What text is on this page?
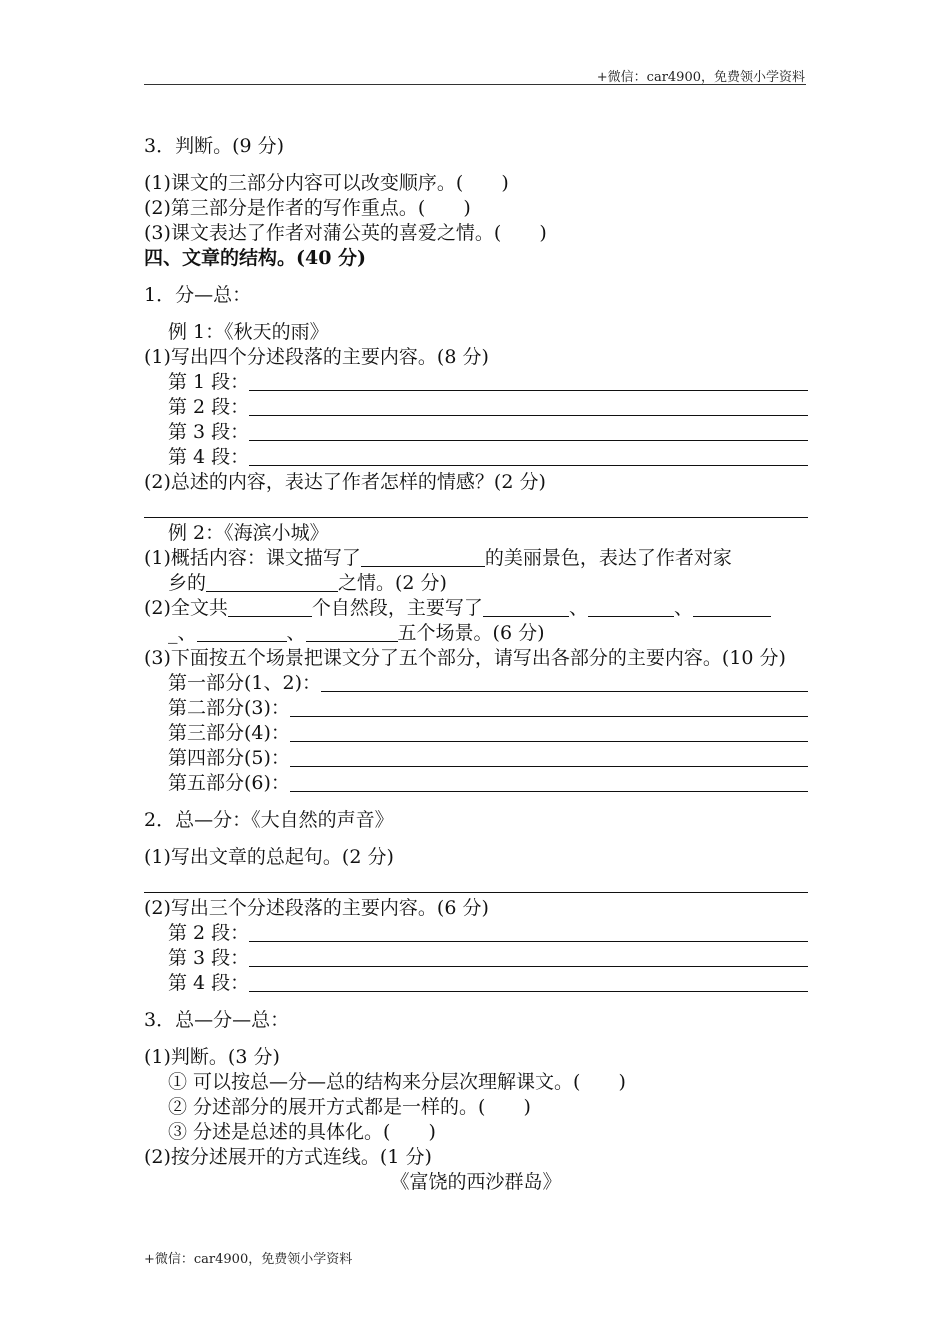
+微信：car4900，免费领小学资料
3．判断。(9 分)
(1)课文的三部分内容可以改变顺序。(　　)
(2)第三部分是作者的写作重点。(　　)
(3)课文表达了作者对蒲公英的喜爱之情。(　　)
四、文章的结构。(40 分)
1．分—总：
例 1：《秋天的雨》
(1)写出四个分述段落的主要内容。(8 分)
第 1 段：
第 2 段：
第 3 段：
第 4 段：
(2)总述的内容，表达了作者怎样的情感？(2 分)
例 2：《海滨小城》
(1)概括内容：课文描写了	的美丽景色，表达了作者对家
乡的	之情。(2 分)
(2)全文共	个自然段，主要写了	、	、
_、	、	五个场景。(6 分)
(3)下面按五个场景把课文分了五个部分，请写出各部分的主要内容。(10 分)
第一部分(1、2)：
第二部分(3)：
第三部分(4)：
第四部分(5)：
第五部分(6)：
2．总—分：《大自然的声音》
(1)写出文章的总起句。(2 分)
(2)写出三个分述段落的主要内容。(6 分)
第 2 段：
第 3 段：
第 4 段：
3．总—分—总：
(1)判断。(3 分)
① 可以按总—分—总的结构来分层次理解课文。(　　)
② 分述部分的展开方式都是一样的。(　　)
③ 分述是总述的具体化。(　　)
(2)按分述展开的方式连线。(1 分)
《富饶的西沙群岛》
+微信：car4900，免费领小学资料
